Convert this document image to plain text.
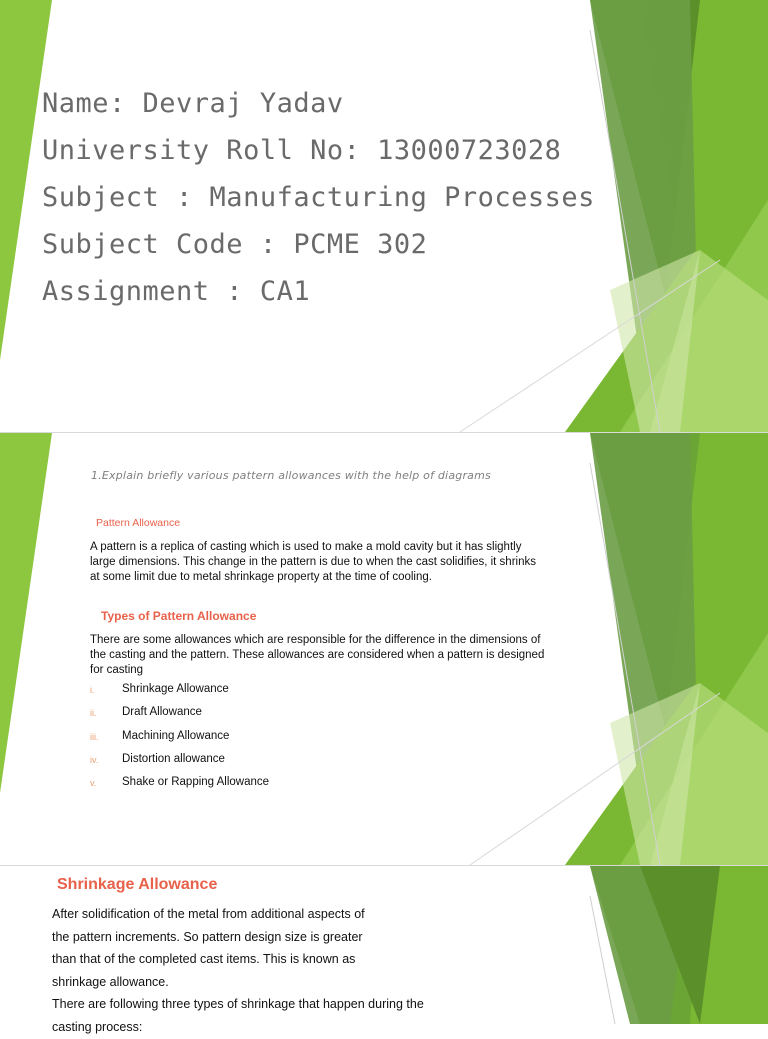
Name: Devraj Yadav
University Roll No: 13000723028
Subject : Manufacturing Processes
Subject Code : PCME 302
Assignment : CA1
1.Explain briefly various pattern allowances with the help of diagrams
Pattern Allowance
A pattern is a replica of casting which is used to make a mold cavity but it has slightly large dimensions. This change in the pattern is due to when the cast solidifies, it shrinks at some limit due to metal shrinkage property at the time of cooling.
Types of Pattern Allowance
There are some allowances which are responsible for the difference in the dimensions of the casting and the pattern. These allowances are considered when a pattern is designed for casting
i.	Shrinkage Allowance
ii.	Draft Allowance
iii.	Machining Allowance
iv.	Distortion allowance
v.	Shake or Rapping Allowance
Shrinkage Allowance
After solidification of the metal from additional aspects of
the pattern increments. So pattern design size is greater
than that of the completed cast items. This is known as
shrinkage allowance.
There are following three types of shrinkage that happen during the
casting process:
